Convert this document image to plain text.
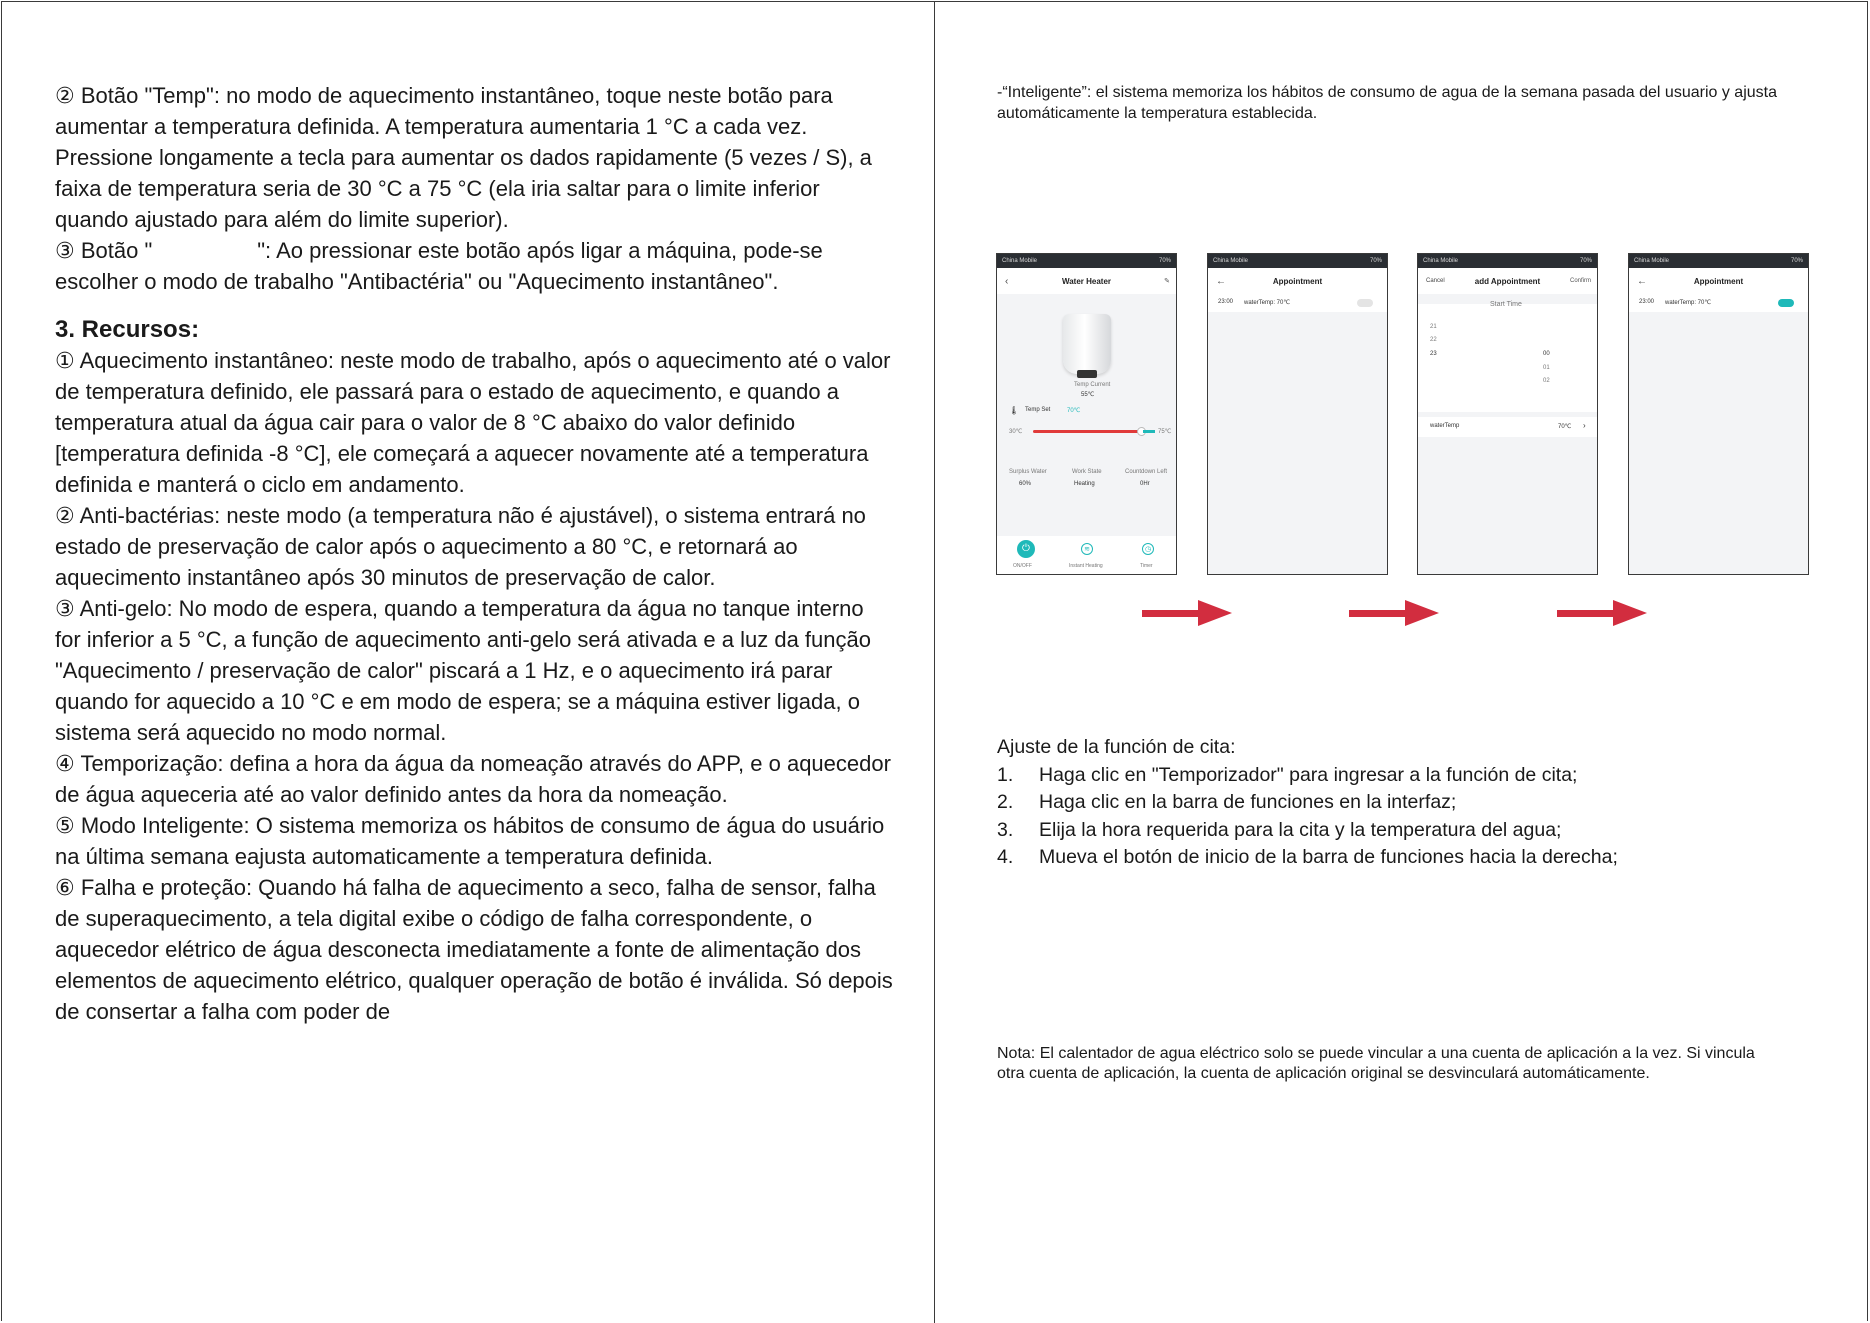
② Botão "Temp": no modo de aquecimento instantâneo, toque neste botão para aumentar a temperatura definida. A temperatura aumentaria 1 °C a cada vez. Pressione longamente a tecla para aumentar os dados rapidamente (5 vezes / S), a faixa de temperatura seria de 30 °C a 75 °C (ela iria saltar para o limite inferior quando ajustado para além do limite superior).

③ Botão "	": Ao pressionar este botão após ligar a máquina, pode-se escolher o modo de trabalho "Antibactéria" ou "Aquecimento instantâneo".

3. Recursos:

① Aquecimento instantâneo: neste modo de trabalho, após o aquecimento até o valor de temperatura definido, ele passará para o estado de aquecimento, e quando a temperatura atual da água cair para o valor de 8 °C abaixo do valor definido [temperatura definida -8 °C], ele começará a aquecer novamente até a temperatura definida e manterá o ciclo em andamento.

② Anti-bactérias: neste modo (a temperatura não é ajustável), o sistema entrará no estado de preservação de calor após o aquecimento a 80 °C, e retornará ao aquecimento instantâneo após 30 minutos de preservação de calor.

③ Anti-gelo: No modo de espera, quando a temperatura da água no tanque interno for inferior a 5 °C, a função de aquecimento anti-gelo será ativada e a luz da função "Aquecimento / preservação de calor" piscará a 1 Hz, e o aquecimento irá parar quando for aquecido a 10 °C e em modo de espera; se a máquina estiver ligada, o sistema será aquecido no modo normal.

④ Temporização: defina a hora da água da nomeação através do APP, e o aquecedor de água aqueceria até ao valor definido antes da hora da nomeação.

⑤ Modo Inteligente: O sistema memoriza os hábitos de consumo de água do usuário na última semana eajusta automaticamente a temperatura definida.

⑥ Falha e proteção: Quando há falha de aquecimento a seco, falha de sensor, falha de superaquecimento, a tela digital exibe o código de falha correspondente, o aquecedor elétrico de água desconecta imediatamente a fonte de alimentação dos elementos de aquecimento elétrico, qualquer operação de botão é inválida. Só depois de consertar a falha com poder de

-“Inteligente”: el sistema memoriza los hábitos de consumo de agua de la semana pasada del usuario y ajusta automáticamente la temperatura establecida.

China Mobile	70%
‹	Water Heater	✎
Temp Current
55℃
🌡 Temp Set	70℃
30℃	75℃
Surplus Water
60%
Work State
Heating
Countdown Left
0Hr
⏻	≋	◷
ON/OFF	Instant Heating	Timer
China Mobile	70%
←	Appointment
23:00 waterTemp: 70℃
China Mobile	70%
Cancel	add Appointment	Confirm
Start Time
21
22
23	00
01
02
waterTemp	70℃ ›
China Mobile	70%
←	Appointment
23:00 waterTemp: 70℃

Ajuste de la función de cita:

1.	Haga clic en "Temporizador" para ingresar a la función de cita;
2.	Haga clic en la barra de funciones en la interfaz;
3.	Elija la hora requerida para la cita y la temperatura del agua;
4.	Mueva el botón de inicio de la barra de funciones hacia la derecha;

Nota: El calentador de agua eléctrico solo se puede vincular a una cuenta de aplicación a la vez. Si vincula otra cuenta de aplicación, la cuenta de aplicación original se desvinculará automáticamente.
